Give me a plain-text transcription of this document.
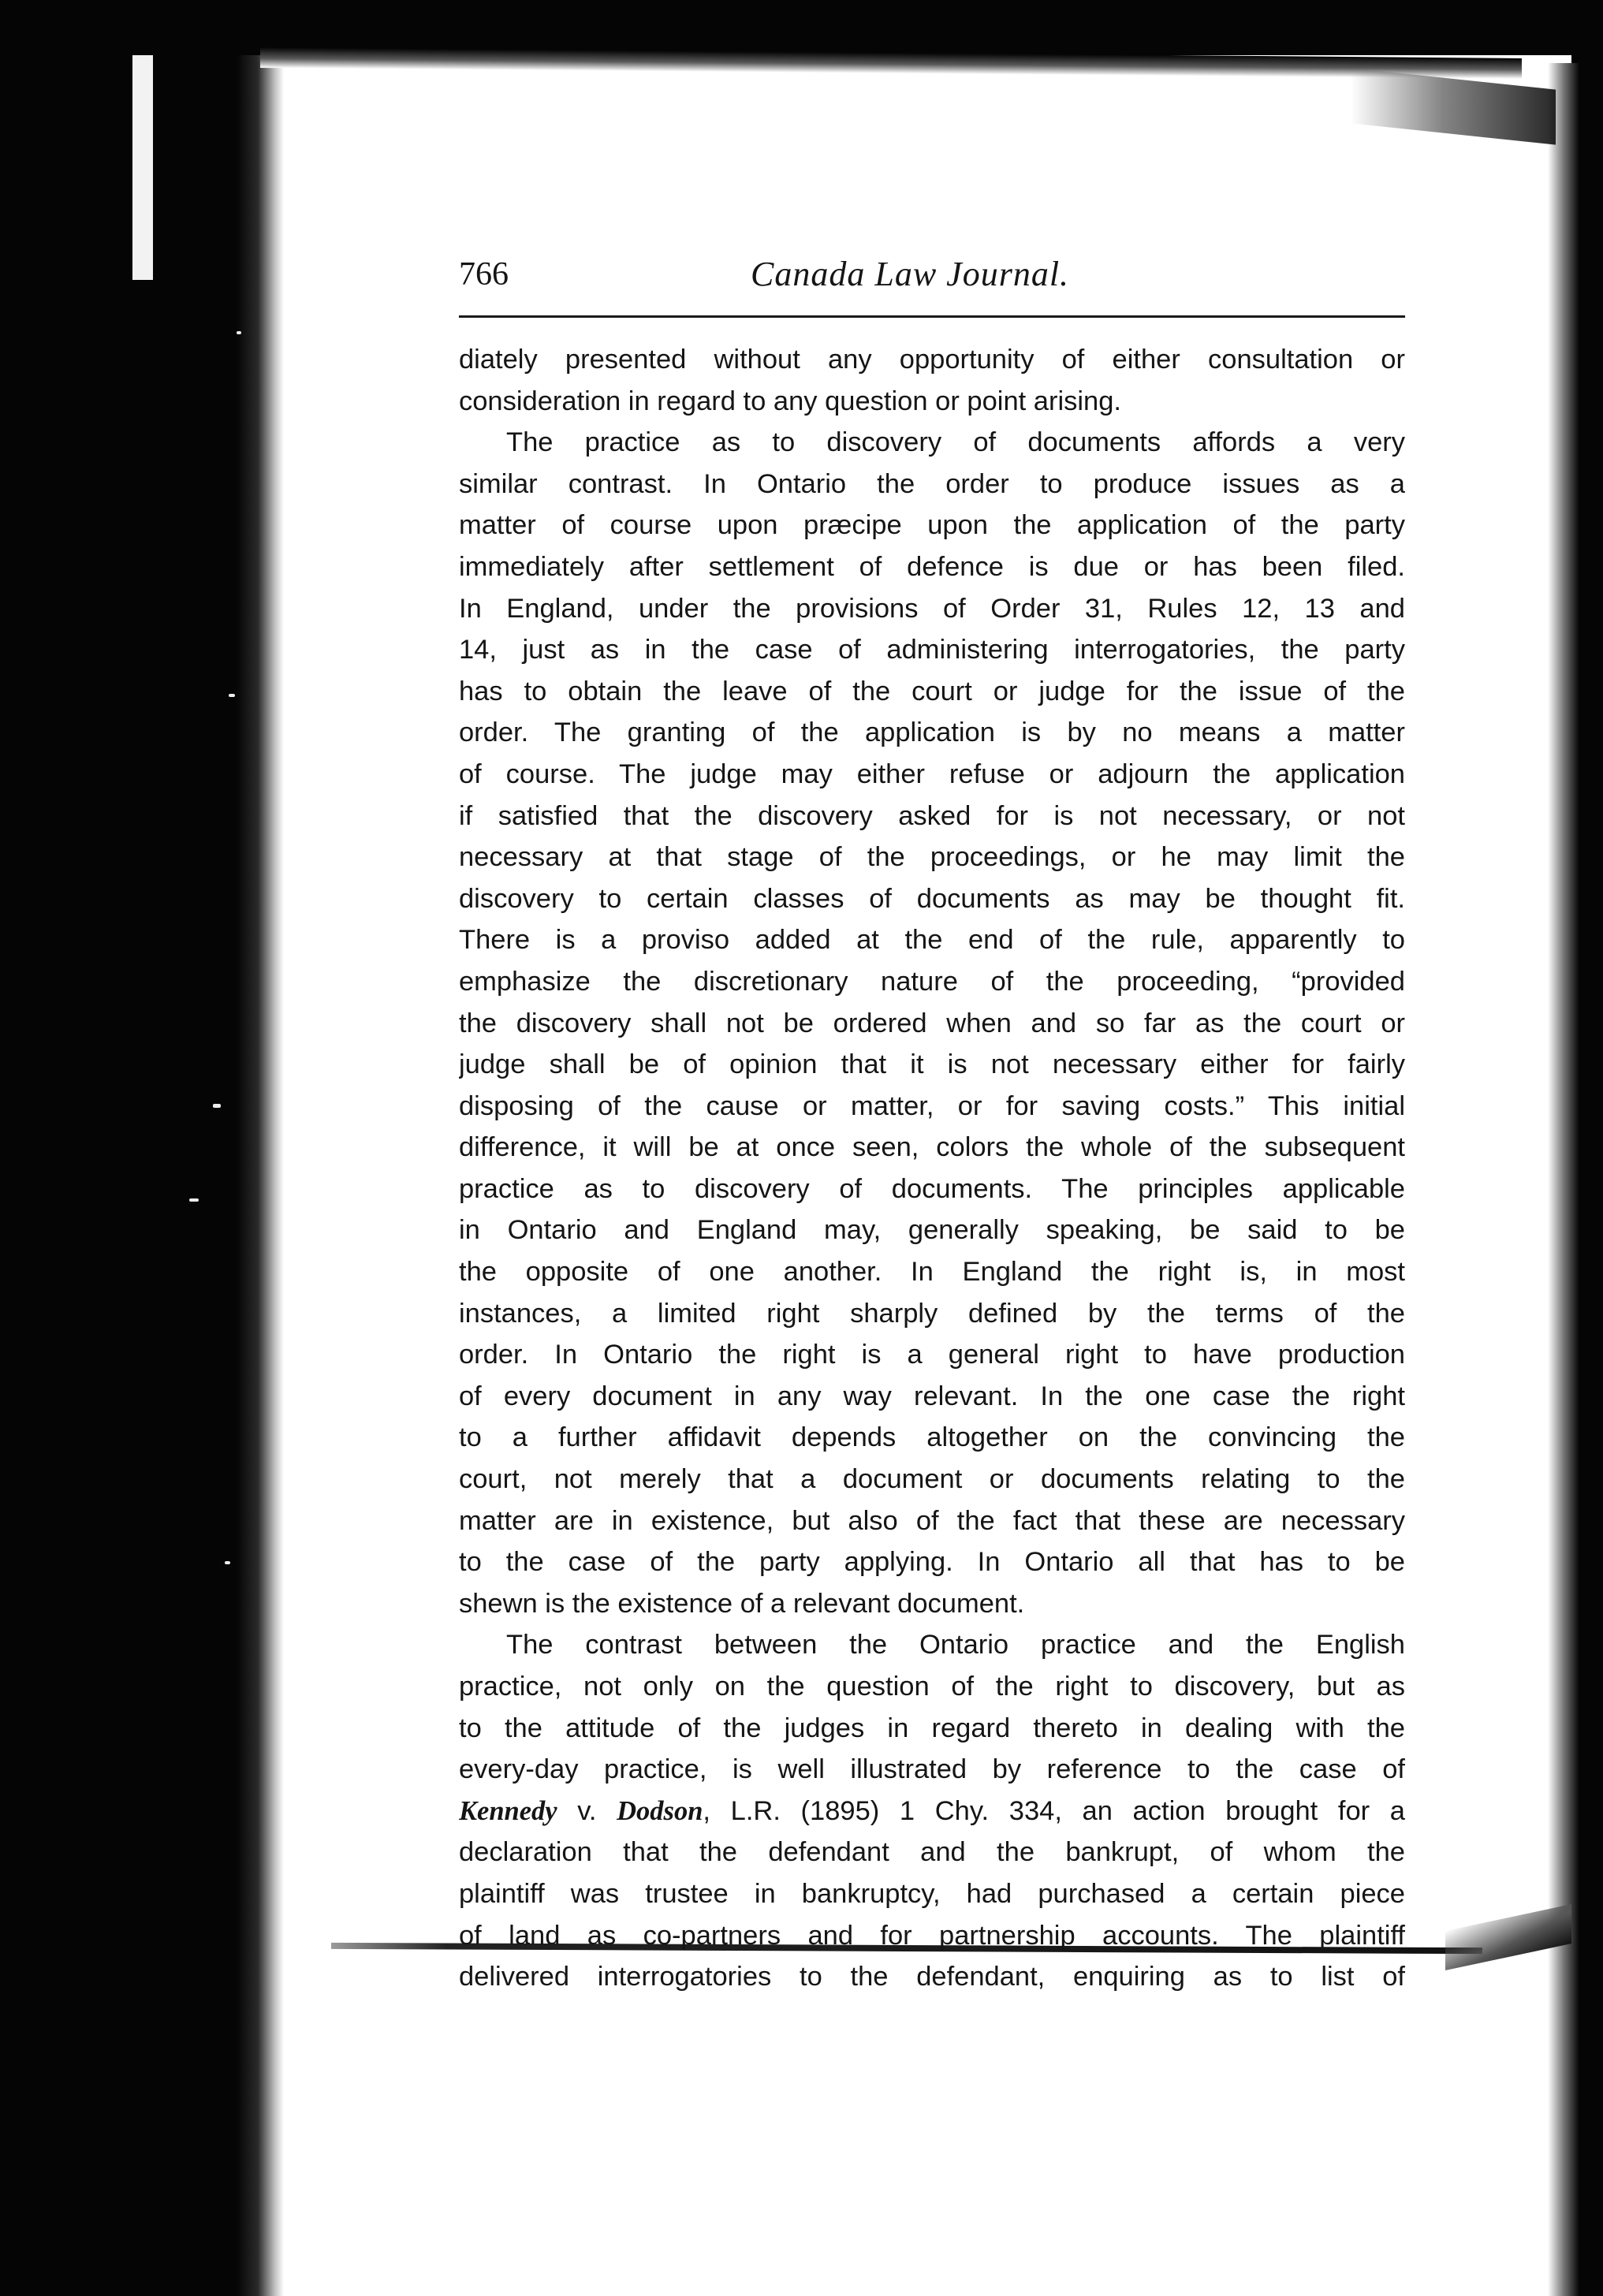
766	Canada Law Journal.
diately presented without any opportunity of either consultation or
consideration in regard to any question or point arising.
The practice as to discovery of documents affords a very
similar contrast. In Ontario the order to produce issues as a
matter of course upon præcipe upon the application of the party
immediately after settlement of defence is due or has been filed.
In England, under the provisions of Order 31, Rules 12, 13 and
14, just as in the case of administering interrogatories, the party
has to obtain the leave of the court or judge for the issue of the
order. The granting of the application is by no means a matter
of course. The judge may either refuse or adjourn the application
if satisfied that the discovery asked for is not necessary, or not
necessary at that stage of the proceedings, or he may limit the
discovery to certain classes of documents as may be thought fit.
There is a proviso added at the end of the rule, apparently to
emphasize the discretionary nature of the proceeding, “provided
the discovery shall not be ordered when and so far as the court or
judge shall be of opinion that it is not necessary either for fairly
disposing of the cause or matter, or for saving costs.” This initial
difference, it will be at once seen, colors the whole of the subsequent
practice as to discovery of documents. The principles applicable
in Ontario and England may, generally speaking, be said to be
the opposite of one another. In England the right is, in most
instances, a limited right sharply defined by the terms of the
order. In Ontario the right is a general right to have production
of every document in any way relevant. In the one case the right
to a further affidavit depends altogether on the convincing the
court, not merely that a document or documents relating to the
matter are in existence, but also of the fact that these are necessary
to the case of the party applying. In Ontario all that has to be
shewn is the existence of a relevant document.
The contrast between the Ontario practice and the English
practice, not only on the question of the right to discovery, but as
to the attitude of the judges in regard thereto in dealing with the
every-day practice, is well illustrated by reference to the case of
Kennedy v. Dodson, L.R. (1895) 1 Chy. 334, an action brought for a
declaration that the defendant and the bankrupt, of whom the
plaintiff was trustee in bankruptcy, had purchased a certain piece
of land as co-partners and for partnership accounts. The plaintiff
delivered interrogatories to the defendant, enquiring as to list of
